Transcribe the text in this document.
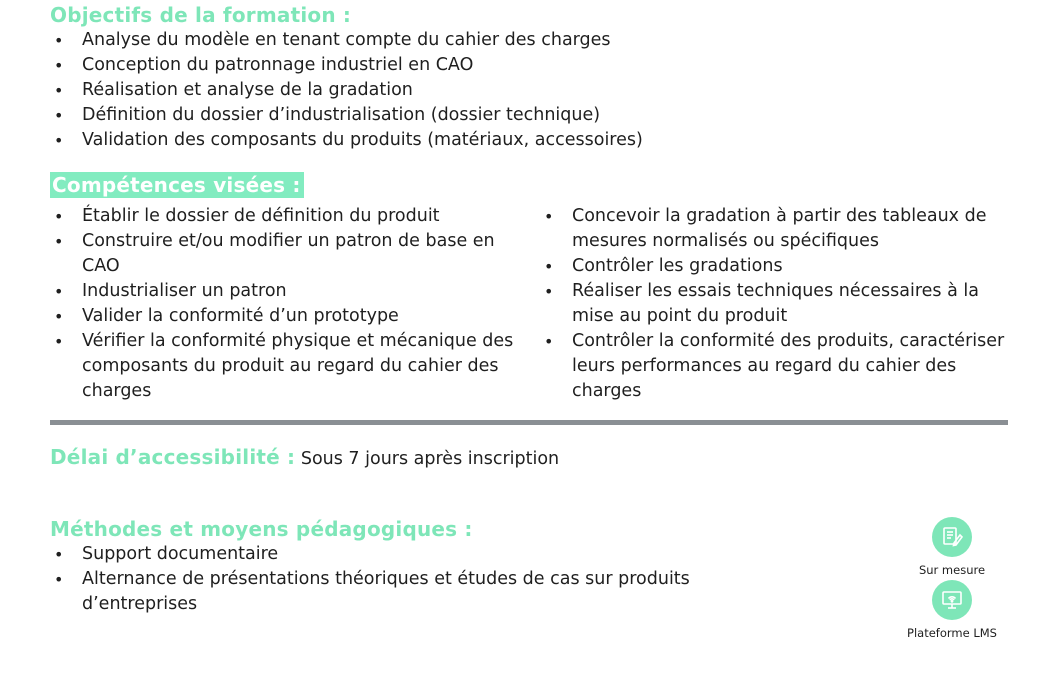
Objectifs de la formation :
• Analyse du modèle en tenant compte du cahier des charges
• Conception du patronnage industriel en CAO
• Réalisation et analyse de la gradation
• Définition du dossier d’industrialisation (dossier technique)
• Validation des composants du produits (matériaux, accessoires)
Compétences visées :
• Établir le dossier de définition du produit
• Construire et/ou modifier un patron de base en CAO
• Industrialiser un patron
• Valider la conformité d’un prototype
• Vérifier la conformité physique et mécanique des composants du produit au regard du cahier des charges
• Concevoir la gradation à partir des tableaux de mesures normalisés ou spécifiques
• Contrôler les gradations
• Réaliser les essais techniques nécessaires à la mise au point du produit
• Contrôler la conformité des produits, caractériser leurs performances au regard du cahier des charges
Délai d’accessibilité : Sous 7 jours après inscription
Méthodes et moyens pédagogiques :
• Support documentaire
• Alternance de présentations théoriques et études de cas sur produits d’entreprises
Sur mesure
Plateforme LMS
